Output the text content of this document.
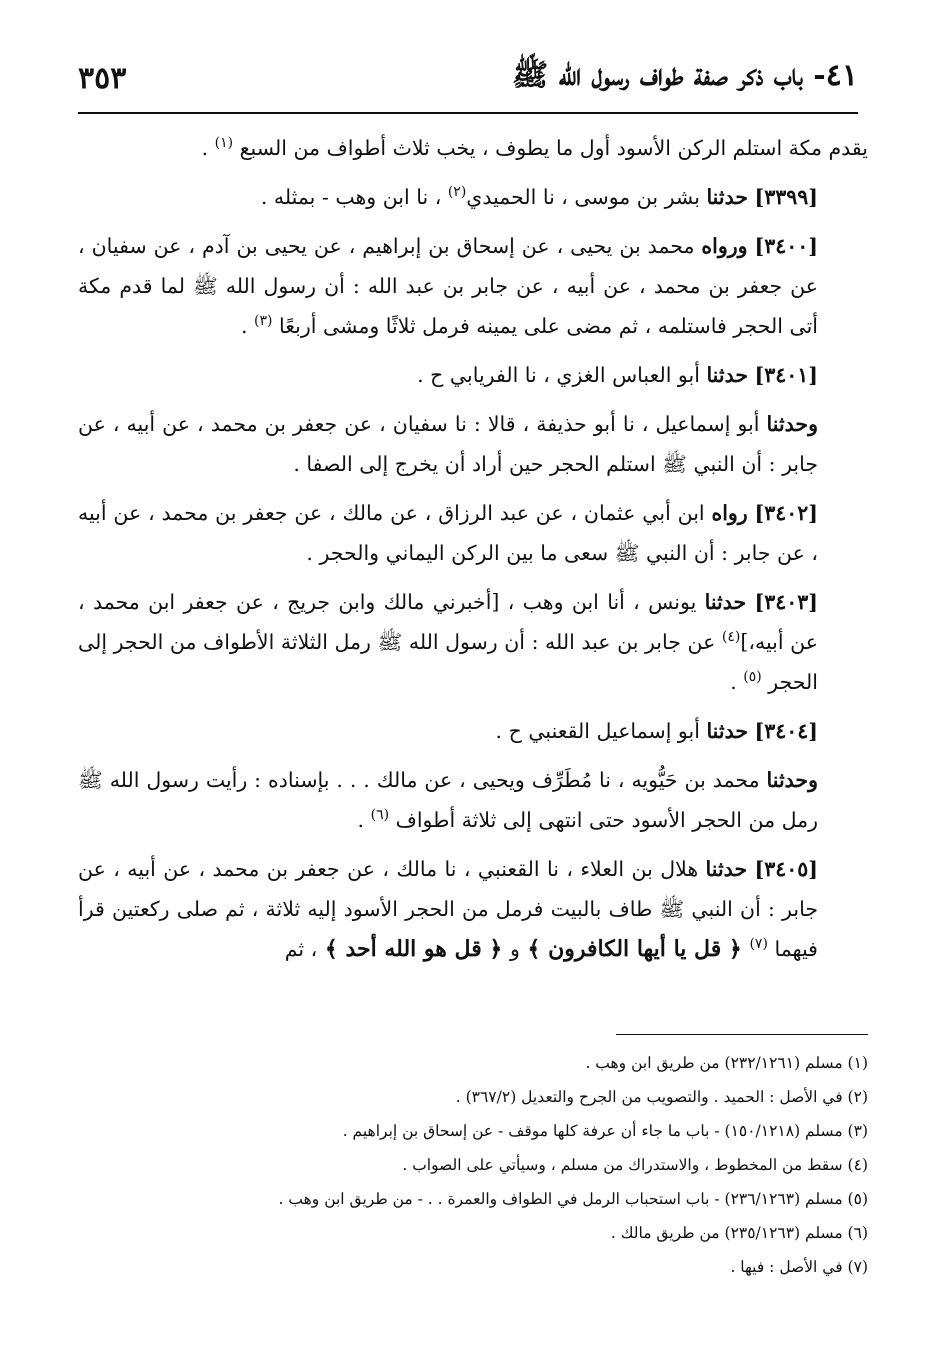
٤١- باب ذكر صفة طواف رسول الله ﷺ
٣٥٣

يقدم مكة استلم الركن الأسود أول ما يطوف ، يخب ثلاث أطواف من السبع $^{(١)}$ .

[٣٣٩٩] حدثنا بشر بن موسى ، نا الحميدي$^{(٢)}$ ، نا ابن وهب - بمثله .

[٣٤٠٠] ورواه محمد بن يحيى ، عن إسحاق بن إبراهيم ، عن يحيى بن آدم ، عن سفيان ، عن جعفر بن محمد ، عن أبيه ، عن جابر بن عبد الله : أن رسول الله ﷺ لما قدم مكة أتى الحجر فاستلمه ، ثم مضى على يمينه فرمل ثلاثًا ومشى أربعًا $^{(٣)}$ .

[٣٤٠١] حدثنا أبو العباس الغزي ، نا الفريابي ح .

وحدثنا أبو إسماعيل ، نا أبو حذيفة ، قالا : نا سفيان ، عن جعفر بن محمد ، عن أبيه ، عن جابر : أن النبي ﷺ استلم الحجر حين أراد أن يخرج إلى الصفا .

[٣٤٠٢] رواه ابن أبي عثمان ، عن عبد الرزاق ، عن مالك ، عن جعفر بن محمد ، عن أبيه ، عن جابر : أن النبي ﷺ سعى ما بين الركن اليماني والحجر .

[٣٤٠٣] حدثنا يونس ، أنا ابن وهب ، [أخبرني مالك وابن جريج ، عن جعفر ابن محمد ، عن أبيه،]$^{(٤)}$ عن جابر بن عبد الله : أن رسول الله ﷺ رمل الثلاثة الأطواف من الحجر إلى الحجر $^{(٥)}$ .

[٣٤٠٤] حدثنا أبو إسماعيل القعنبي ح .

وحدثنا محمد بن حَيُّويه ، نا مُطَرِّف ويحيى ، عن مالك . . . بإسناده : رأيت رسول الله ﷺ رمل من الحجر الأسود حتى انتهى إلى ثلاثة أطواف $^{(٦)}$ .

[٣٤٠٥] حدثنا هلال بن العلاء ، نا القعنبي ، نا مالك ، عن جعفر بن محمد ، عن أبيه ، عن جابر : أن النبي ﷺ طاف بالبيت فرمل من الحجر الأسود إليه ثلاثة ، ثم صلى ركعتين قرأ فيهما $^{(٧)}$ ﴿ قل يا أيها الكافرون ﴾ و ﴿ قل هو الله أحد ﴾ ، ثم

(١) مسلم (٢٣٢/١٢٦١) من طريق ابن وهب .
(٢) في الأصل : الحميد . والتصويب من الجرح والتعديل (٣٦٧/٢) .
(٣) مسلم (١٥٠/١٢١٨) - باب ما جاء أن عرفة كلها موقف - عن إسحاق بن إبراهيم .
(٤) سقط من المخطوط ، والاستدراك من مسلم ، وسيأتي على الصواب .
(٥) مسلم (٢٣٦/١٢٦٣) - باب استحباب الرمل في الطواف والعمرة . . - من طريق ابن وهب .
(٦) مسلم (٢٣٥/١٢٦٣) من طريق مالك .
(٧) في الأصل : فيها .
